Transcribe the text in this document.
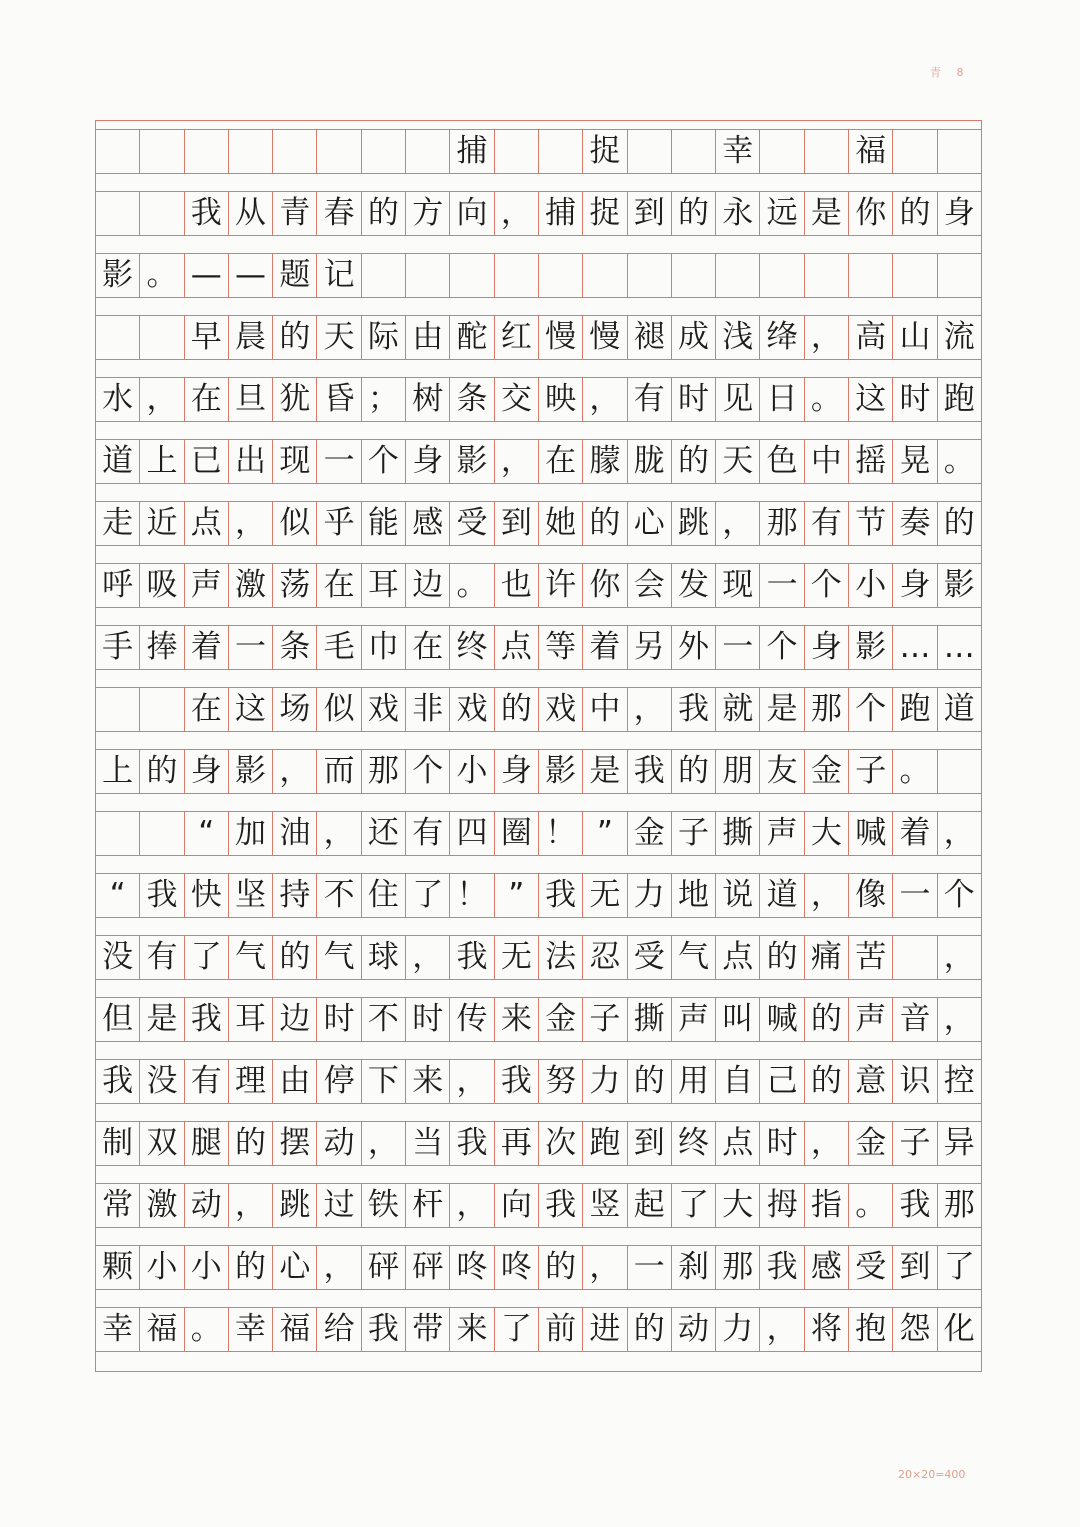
青 8
捕	捉	幸	福
我 从 青 春 的 方 向 ， 捕 捉 到 的 永 远 是 你 的 身
影 。 — — 题 记
早 晨 的 天 际 由 酡 红 慢 慢 褪 成 浅 绛 ， 高 山 流
水 ， 在 旦 犹 昏 ； 树 条 交 映 ， 有 时 见 日 。 这 时 跑
道 上 已 出 现 一 个 身 影 ， 在 朦 胧 的 天 色 中 摇 晃 。
走 近 点 ， 似 乎 能 感 受 到 她 的 心 跳 ， 那 有 节 奏 的
呼 吸 声 激 荡 在 耳 边 。 也 许 你 会 发 现 一 个 小 身 影
手 捧 着 一 条 毛 巾 在 终 点 等 着 另 外 一 个 身 影 … …
在 这 场 似 戏 非 戏 的 戏 中 ， 我 就 是 那 个 跑 道
上 的 身 影 ， 而 那 个 小 身 影 是 我 的 朋 友 金 子 。
“ 加 油 ， 还 有 四 圈 ！ ” 金 子 撕 声 大 喊 着 ，
“ 我 快 坚 持 不 住 了 ！ ” 我 无 力 地 说 道 ， 像 一 个
没 有 了 气 的 气 球 ， 我 无 法 忍 受 气 点 的 痛 苦 ，
但 是 我 耳 边 时 不 时 传 来 金 子 撕 声 叫 喊 的 声 音 ，
我 没 有 理 由 停 下 来 ， 我 努 力 的 用 自 己 的 意 识 控
制 双 腿 的 摆 动 ， 当 我 再 次 跑 到 终 点 时 ， 金 子 异
常 激 动 ， 跳 过 铁 杆 ， 向 我 竖 起 了 大 拇 指 。 我 那
颗 小 小 的 心 ， 砰 砰 咚 咚 的 ， 一 刹 那 我 感 受 到 了
幸 福 。 幸 福 给 我 带 来 了 前 进 的 动 力 ， 将 抱 怨 化
20×20=400
